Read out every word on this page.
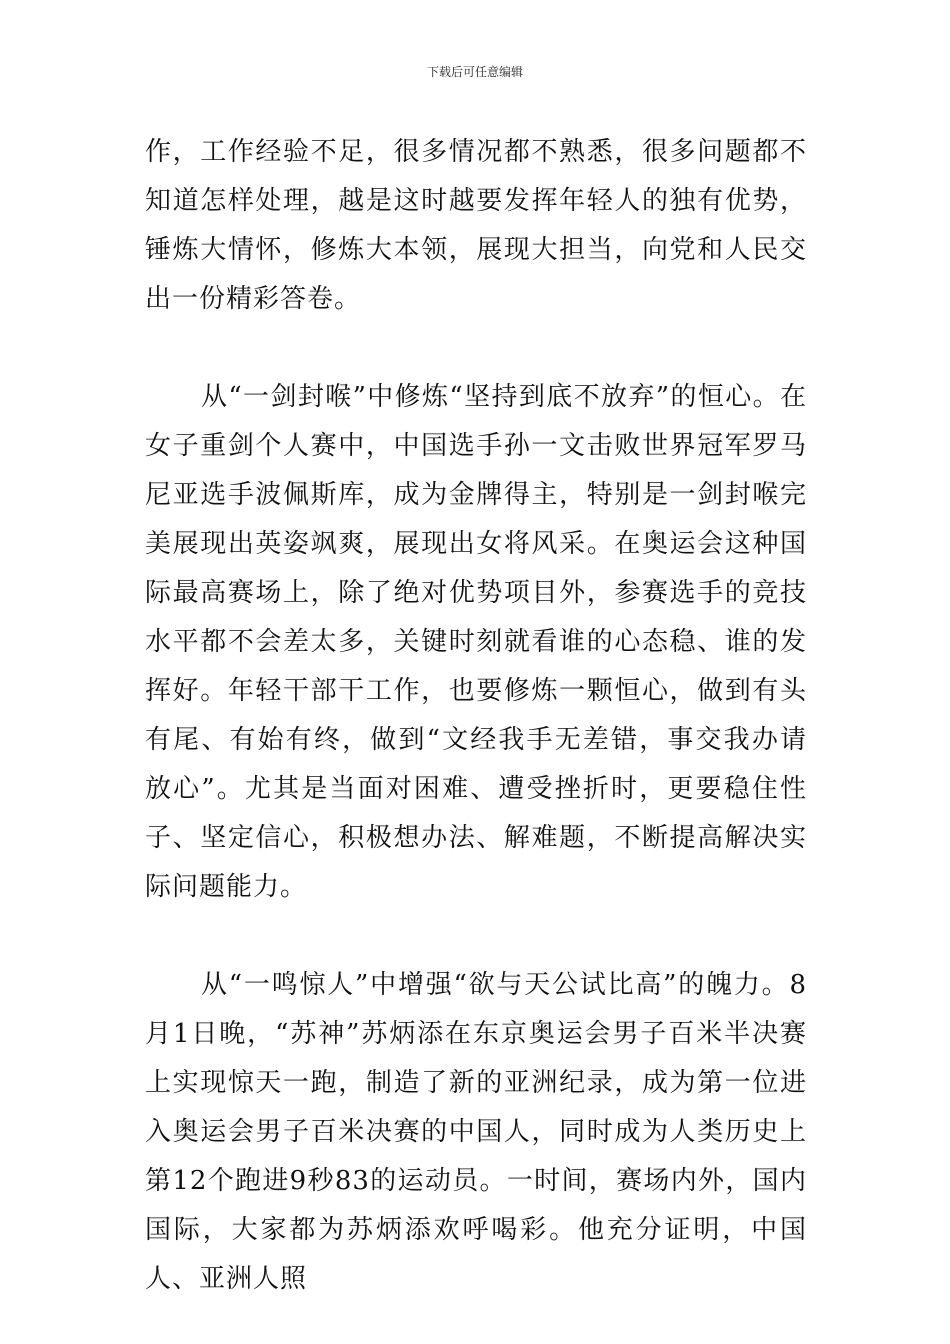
下载后可任意编辑

作，工作经验不足，很多情况都不熟悉，很多问题都不知道怎样处理，越是这时越要发挥年轻人的独有优势，锤炼大情怀，修炼大本领，展现大担当，向党和人民交出一份精彩答卷。

从“一剑封喉”中修炼“坚持到底不放弃”的恒心。在女子重剑个人赛中，中国选手孙一文击败世界冠军罗马尼亚选手波佩斯库，成为金牌得主，特别是一剑封喉完美展现出英姿飒爽，展现出女将风采。在奥运会这种国际最高赛场上，除了绝对优势项目外，参赛选手的竞技水平都不会差太多，关键时刻就看谁的心态稳、谁的发挥好。年轻干部干工作，也要修炼一颗恒心，做到有头有尾、有始有终，做到“文经我手无差错，事交我办请放心”。尤其是当面对困难、遭受挫折时，更要稳住性子、坚定信心，积极想办法、解难题，不断提高解决实际问题能力。

从“一鸣惊人”中增强“欲与天公试比高”的魄力。8月1日晚，“苏神”苏炳添在东京奥运会男子百米半决赛上实现惊天一跑，制造了新的亚洲纪录，成为第一位进入奥运会男子百米决赛的中国人，同时成为人类历史上第12个跑进9秒83的运动员。一时间，赛场内外，国内国际，大家都为苏炳添欢呼喝彩。他充分证明，中国人、亚洲人照
